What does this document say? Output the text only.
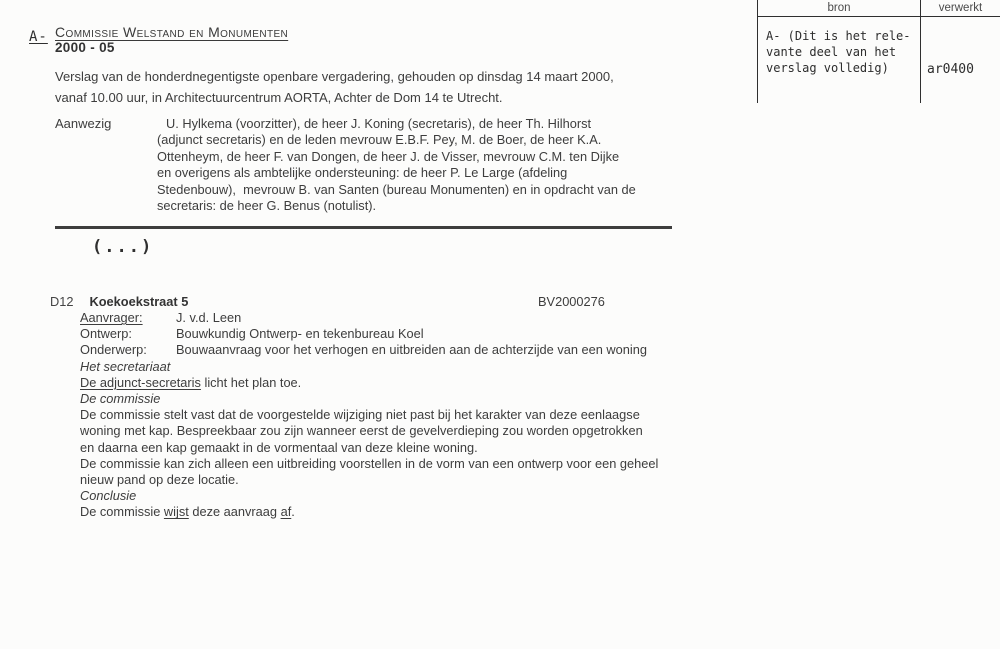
A- Commissie Welstand en Monumenten
2000 - 05
Verslag van de honderdnegentigste openbare vergadering, gehouden op dinsdag 14 maart 2000,
vanaf 10.00 uur, in Architectuurcentrum AORTA, Achter de Dom 14 te Utrecht.
Aanwezig	U. Hylkema (voorzitter), de heer J. Koning (secretaris), de heer Th. Hilhorst
(adjunct secretaris) en de leden mevrouw E.B.F. Pey, M. de Boer, de heer K.A.
Ottenheym, de heer F. van Dongen, de heer J. de Visser, mevrouw C.M. ten Dijke
en overigens als ambtelijke ondersteuning: de heer P. Le Large (afdeling
Stedenbouw),  mevrouw B. van Santen (bureau Monumenten) en in opdracht van de
secretaris: de heer G. Benus (notulist).
(...)
D12 Koekoekstraat 5	BV2000276
Aanvrager:	J. v.d. Leen
Ontwerp:	Bouwkundig Ontwerp- en tekenbureau Koel
Onderwerp: Bouwaanvraag voor het verhogen en uitbreiden aan de achterzijde van een woning
Het secretariaat
De adjunct-secretaris licht het plan toe.
De commissie
De commissie stelt vast dat de voorgestelde wijziging niet past bij het karakter van deze eenlaagse
woning met kap. Bespreekbaar zou zijn wanneer eerst de gevelverdieping zou worden opgetrokken
en daarna een kap gemaakt in de vormentaal van deze kleine woning.
De commissie kan zich alleen een uitbreiding voorstellen in de vorm van een ontwerp voor een geheel
nieuw pand op deze locatie.
Conclusie
De commissie wijst deze aanvraag af.
bron	verwerkt
A- (Dit is het rele-
vante deel van het
verslag volledig)	ar0400
